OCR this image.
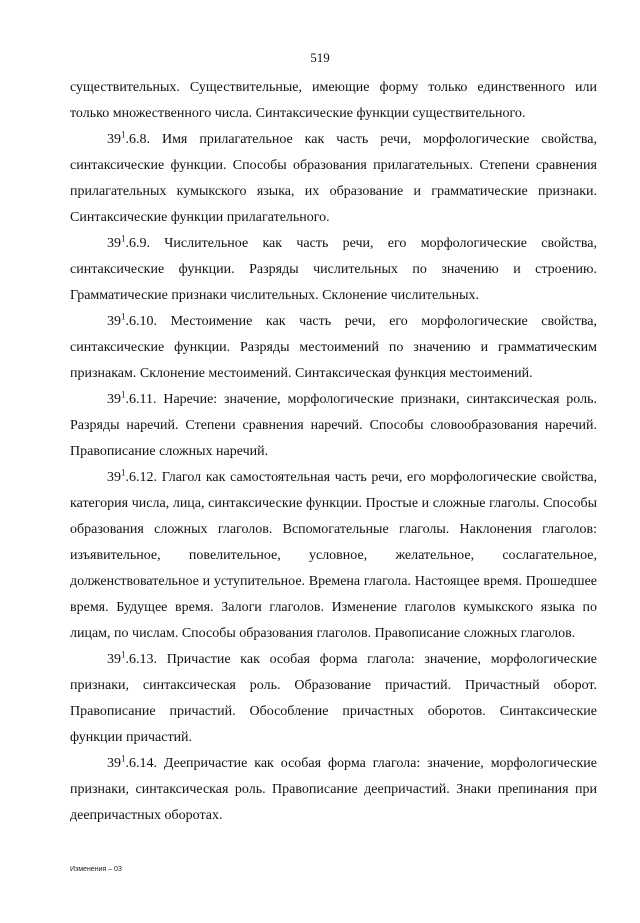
519

существительных. Существительные, имеющие форму только единственного или только множественного числа. Синтаксические функции существительного.

$39^1.6.8$. Имя прилагательное как часть речи, морфологические свойства, синтаксические функции. Способы образования прилагательных. Степени сравнения прилагательных кумыкского языка, их образование и грамматические признаки. Синтаксические функции прилагательного.

$39^1.6.9$. Числительное как часть речи, его морфологические свойства, синтаксические функции. Разряды числительных по значению и строению. Грамматические признаки числительных. Склонение числительных.

$39^1.6.10$. Местоимение как часть речи, его морфологические свойства, синтаксические функции. Разряды местоимений по значению и грамматическим признакам. Склонение местоимений. Синтаксическая функция местоимений.

$39^1.6.11$. Наречие: значение, морфологические признаки, синтаксическая роль. Разряды наречий. Степени сравнения наречий. Способы словообразования наречий. Правописание сложных наречий.

$39^1.6.12$. Глагол как самостоятельная часть речи, его морфологические свойства, категория числа, лица, синтаксические функции. Простые и сложные глаголы. Способы образования сложных глаголов. Вспомогательные глаголы. Наклонения глаголов: изъявительное, повелительное, условное, желательное, сослагательное, долженствовательное и уступительное. Времена глагола. Настоящее время. Прошедшее время. Будущее время. Залоги глаголов. Изменение глаголов кумыкского языка по лицам, по числам. Способы образования глаголов. Правописание сложных глаголов.

$39^1.6.13$. Причастие как особая форма глагола: значение, морфологические признаки, синтаксическая роль. Образование причастий. Причастный оборот. Правописание причастий. Обособление причастных оборотов. Синтаксические функции причастий.

$39^1.6.14$. Деепричастие как особая форма глагола: значение, морфологические признаки, синтаксическая роль. Правописание деепричастий. Знаки препинания при деепричастных оборотах.

Изменения – 03
